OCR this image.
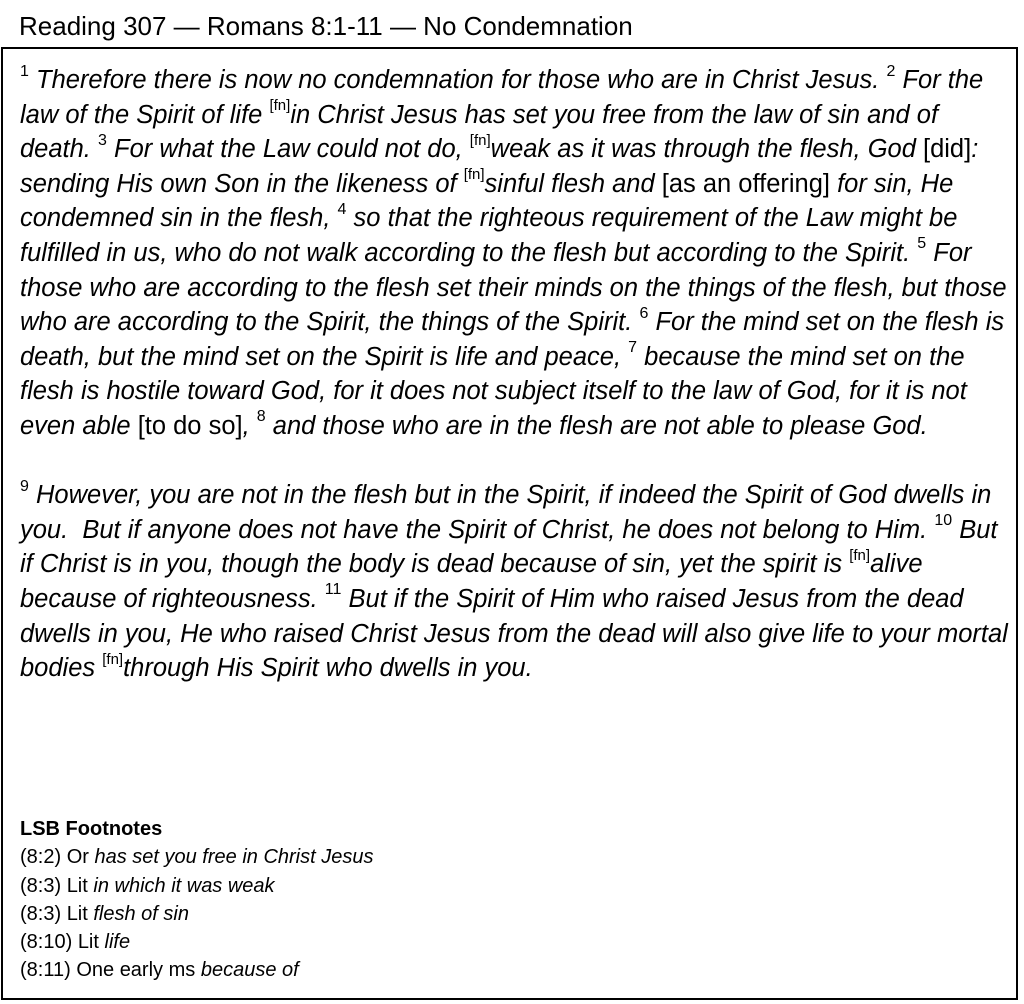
Reading 307 — Romans 8:1-11 — No Condemnation

$^1$ Therefore there is now no condemnation for those who are in Christ Jesus. $^2$ For the law of the Spirit of life [fn]in Christ Jesus has set you free from the law of sin and of death. $^3$ For what the Law could not do, [fn]weak as it was through the flesh, God [did]: sending His own Son in the likeness of [fn]sinful flesh and [as an offering] for sin, He condemned sin in the flesh, $^4$ so that the righteous requirement of the Law might be fulfilled in us, who do not walk according to the flesh but according to the Spirit. $^5$ For those who are according to the flesh set their minds on the things of the flesh, but those who are according to the Spirit, the things of the Spirit. $^6$ For the mind set on the flesh is death, but the mind set on the Spirit is life and peace, $^7$ because the mind set on the flesh is hostile toward God, for it does not subject itself to the law of God, for it is not even able [to do so], $^8$ and those who are in the flesh are not able to please God.

$^9$ However, you are not in the flesh but in the Spirit, if indeed the Spirit of God dwells in you.  But if anyone does not have the Spirit of Christ, he does not belong to Him. $^{10}$ But if Christ is in you, though the body is dead because of sin, yet the spirit is [fn]alive because of righteousness. $^{11}$ But if the Spirit of Him who raised Jesus from the dead dwells in you, He who raised Christ Jesus from the dead will also give life to your mortal bodies [fn]through His Spirit who dwells in you.

LSB Footnotes
(8:2) Or has set you free in Christ Jesus
(8:3) Lit in which it was weak
(8:3) Lit flesh of sin
(8:10) Lit life
(8:11) One early ms because of
